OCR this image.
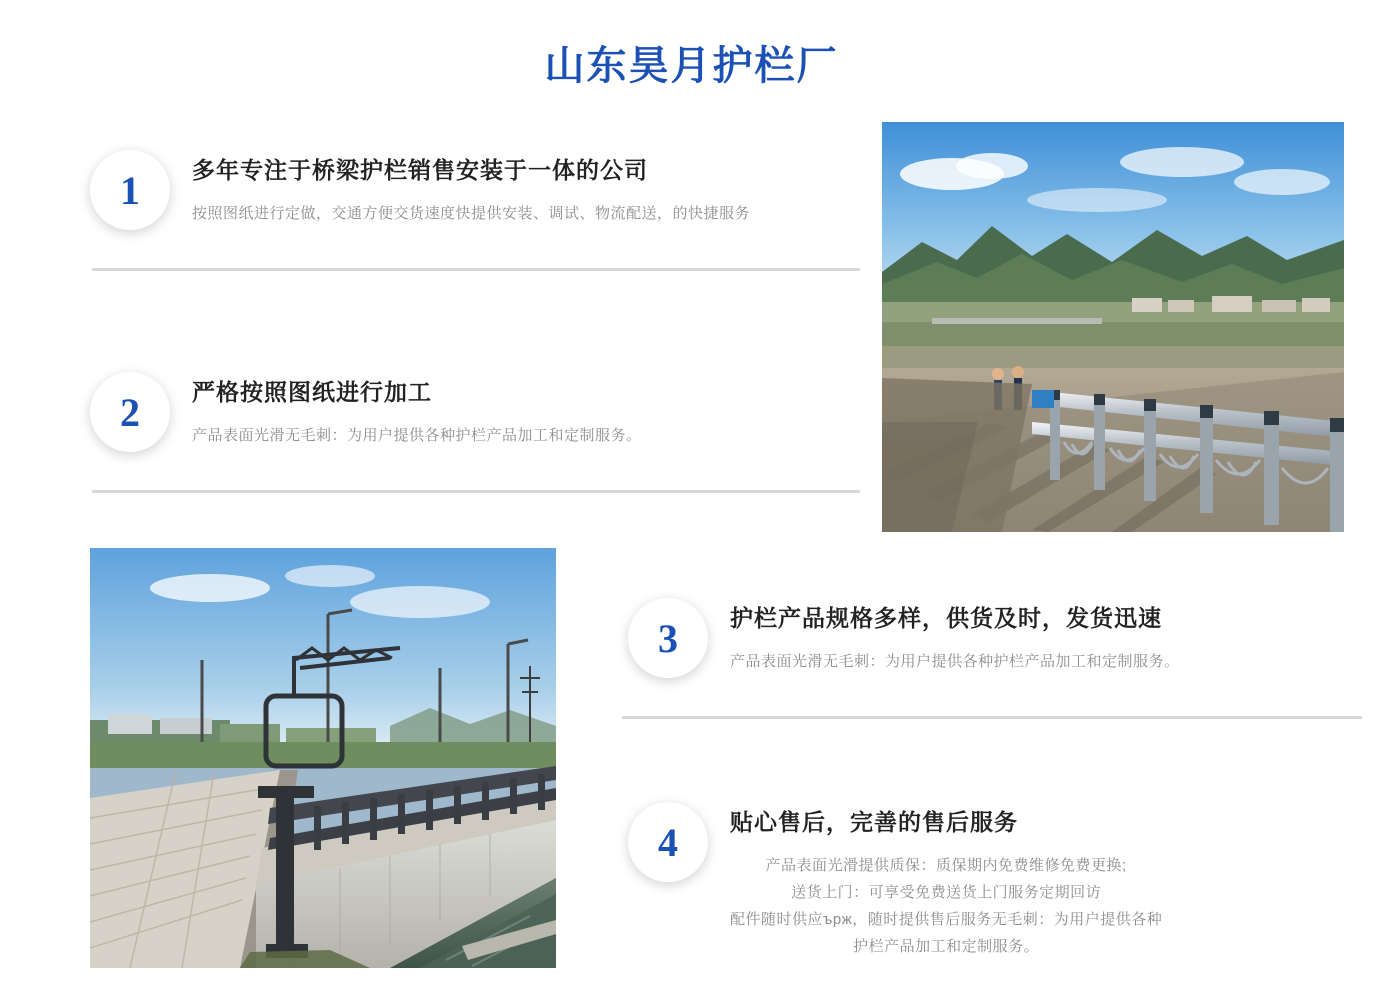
山东昊月护栏厂
1	多年专注于桥梁护栏销售安装于一体的公司
按照图纸进行定做，交通方便交货速度快提供安装、调试、物流配送，的快捷服务
2	严格按照图纸进行加工
产品表面光滑无毛刺：为用户提供各种护栏产品加工和定制服务。
3	护栏产品规格多样，供货及时，发货迅速
产品表面光滑无毛刺：为用户提供各种护栏产品加工和定制服务。
4	贴心售后，完善的售后服务
产品表面光滑提供质保：质保期内免费维修免费更换;
送货上门：可享受免费送货上门服务定期回访
配件随时供应ърж，随时提供售后服务无毛刺：为用户提供各种
护栏产品加工和定制服务。
